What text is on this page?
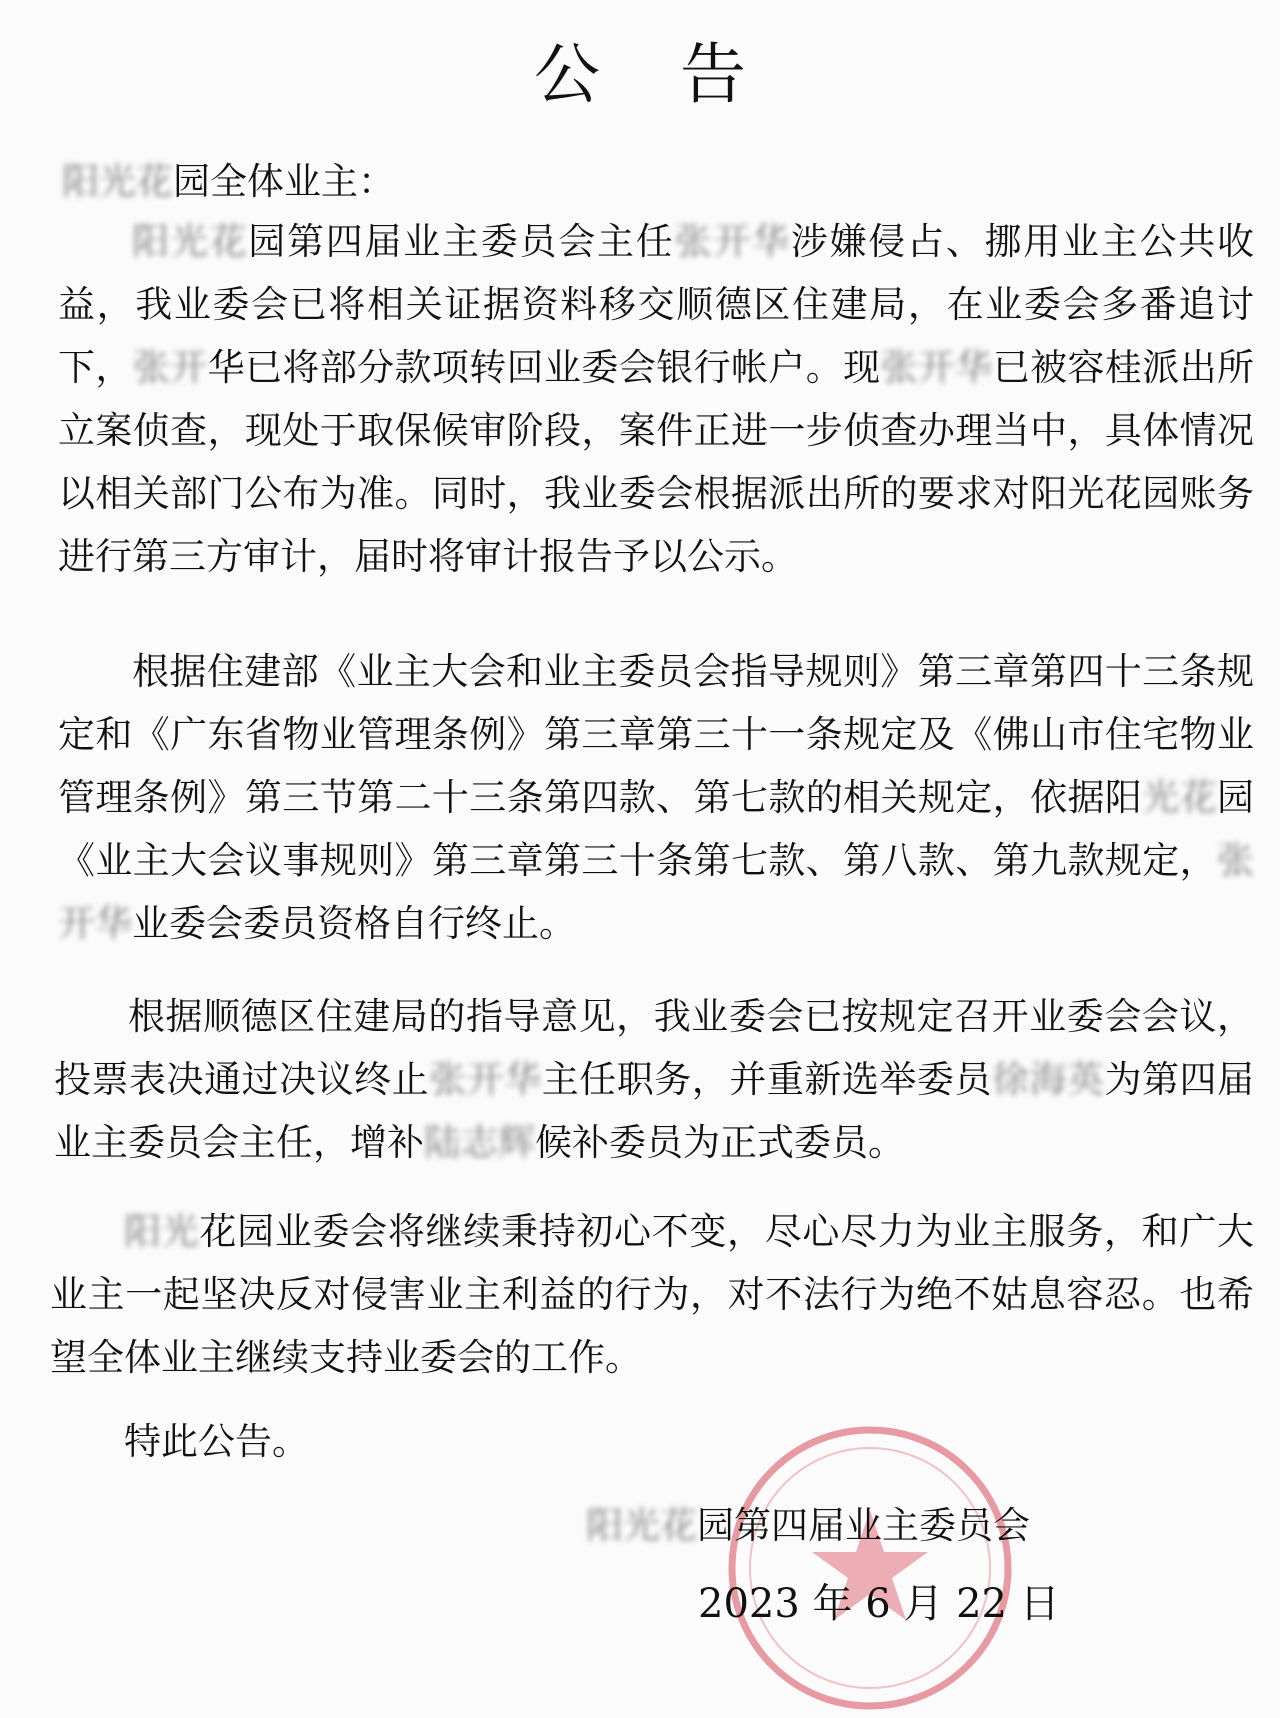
公告
阳光花园全体业主：

阳光花园第四届业主委员会主任张开华涉嫌侵占、挪用业主公共收益，我业委会已将相关证据资料移交顺德区住建局，在业委会多番追讨下，张开华已将部分款项转回业委会银行帐户。现张开华已被容桂派出所立案侦查，现处于取保候审阶段，案件正进一步侦查办理当中，具体情况以相关部门公布为准。同时，我业委会根据派出所的要求对阳光花园账务进行第三方审计，届时将审计报告予以公示。

根据住建部《业主大会和业主委员会指导规则》第三章第四十三条规定和《广东省物业管理条例》第三章第三十一条规定及《佛山市住宅物业管理条例》第三节第二十三条第四款、第七款的相关规定，依据阳光花园《业主大会议事规则》第三章第三十条第七款、第八款、第九款规定，张开华业委会委员资格自行终止。

根据顺德区住建局的指导意见，我业委会已按规定召开业委会会议，投票表决通过决议终止张开华主任职务，并重新选举委员徐海英为第四届业主委员会主任，增补陆志辉候补委员为正式委员。

阳光花园业委会将继续秉持初心不变，尽心尽力为业主服务，和广大业主一起坚决反对侵害业主利益的行为，对不法行为绝不姑息容忍。也希望全体业主继续支持业委会的工作。

特此公告。
阳光花园第四届业主委员会
2023 年 6 月 22 日
